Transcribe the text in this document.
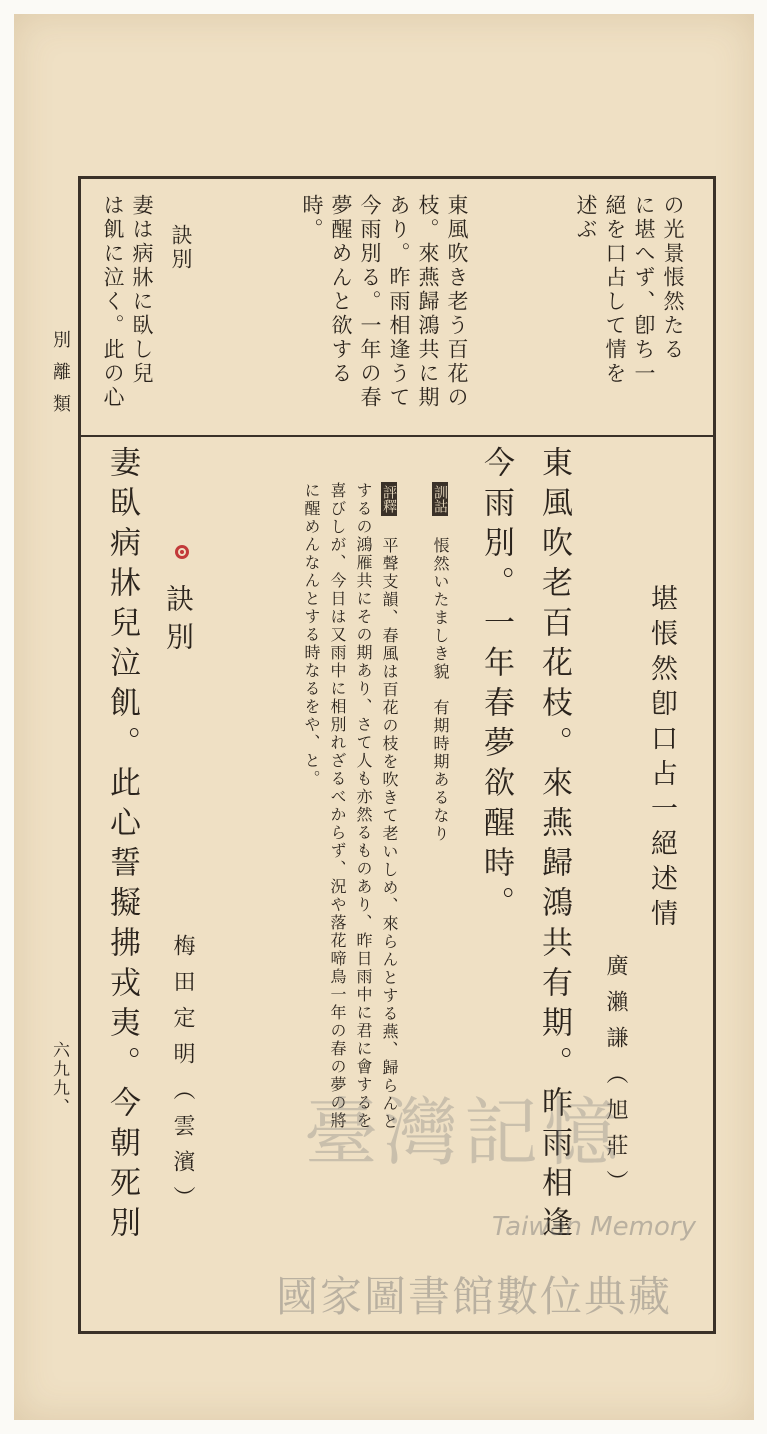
別離類
六九九、
の光景悵然たる
に堪へず、卽ち一
絕を口占して情を
述ぶ
東風吹き老う百花の
枝。來燕歸鴻共に期
あり。昨雨相逢うて
今雨別る。一年の春
夢醒めんと欲する
時。
訣別
妻は病牀に臥し兒
は飢に泣く。此の心
堪悵然卽口占一絕述情
廣瀨謙（旭莊）
東風吹老百花枝。來燕歸鴻共有期。昨雨相逢
今雨別。一年春夢欲醒時。
訓詁 悵然いたましき貌　有期時期あるなり
評釋 平聲支韻、春風は百花の枝を吹きて老いしめ、來らんとする燕、歸らんと
するの鴻雁共にその期あり、さて人も亦然るものあり、昨日雨中に君に會するを
喜びしが、今日は又雨中に相別れざるべからず、況や落花啼鳥一年の春の夢の將
に醒めんなんとする時なるをや、と。
訣別
梅田定明（雲濱）
妻臥病牀兒泣飢。此心誓擬拂戎夷。今朝死別 臺灣記憶
Taiwan Memory
國家圖書館數位典藏
